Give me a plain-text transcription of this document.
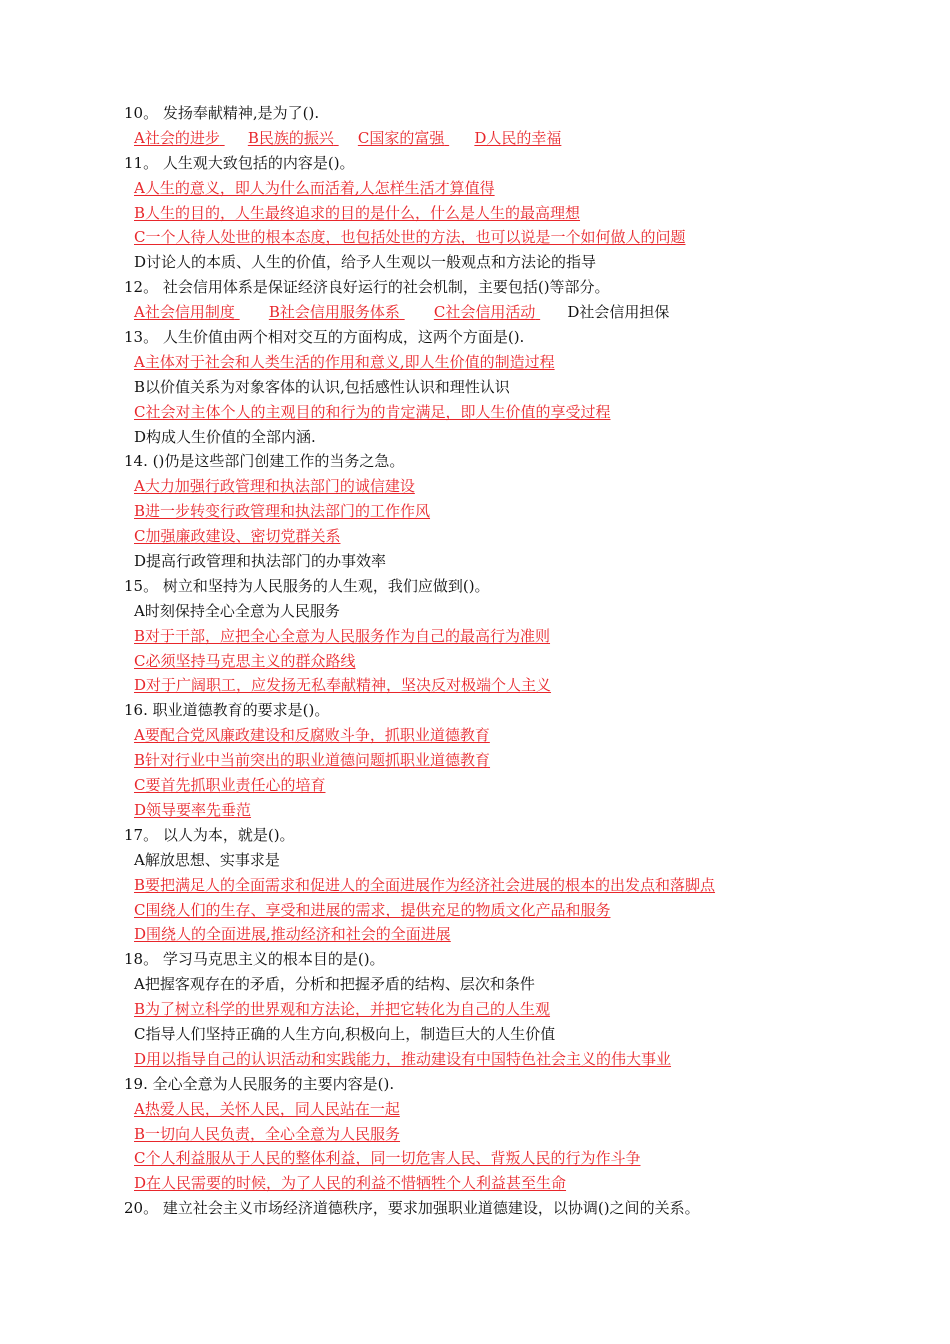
10。 发扬奉献精神,是为了().
A社会的进步 B民族的振兴 C国家的富强 D人民的幸福
11。 人生观大致包括的内容是()。
A人生的意义，即人为什么而活着,人怎样生活才算值得
B人生的目的，人生最终追求的目的是什么，什么是人生的最高理想
C一个人待人处世的根本态度，也包括处世的方法，也可以说是一个如何做人的问题
D讨论人的本质、人生的价值，给予人生观以一般观点和方法论的指导
12。 社会信用体系是保证经济良好运行的社会机制，主要包括()等部分。
A社会信用制度 B社会信用服务体系 C社会信用活动 D社会信用担保
13。 人生价值由两个相对交互的方面构成，这两个方面是().
A主体对于社会和人类生活的作用和意义,即人生价值的制造过程
B以价值关系为对象客体的认识,包括感性认识和理性认识
C社会对主体个人的主观目的和行为的肯定满足，即人生价值的享受过程
D构成人生价值的全部内涵.
14. ()仍是这些部门创建工作的当务之急。
A大力加强行政管理和执法部门的诚信建设
B进一步转变行政管理和执法部门的工作作风
C加强廉政建设、密切党群关系
D提高行政管理和执法部门的办事效率
15。 树立和坚持为人民服务的人生观，我们应做到()。
A时刻保持全心全意为人民服务
B对于干部，应把全心全意为人民服务作为自己的最高行为准则
C必须坚持马克思主义的群众路线
D对于广阔职工，应发扬无私奉献精神，坚决反对极端个人主义
16. 职业道德教育的要求是()。
A要配合党风廉政建设和反腐败斗争，抓职业道德教育
B针对行业中当前突出的职业道德问题抓职业道德教育
C要首先抓职业责任心的培育
D领导要率先垂范
17。 以人为本，就是()。
A解放思想、实事求是
B要把满足人的全面需求和促进人的全面进展作为经济社会进展的根本的出发点和落脚点
C围绕人们的生存、享受和进展的需求，提供充足的物质文化产品和服务
D围绕人的全面进展,推动经济和社会的全面进展
18。 学习马克思主义的根本目的是()。
A把握客观存在的矛盾，分析和把握矛盾的结构、层次和条件
B为了树立科学的世界观和方法论，并把它转化为自己的人生观
C指导人们坚持正确的人生方向,积极向上，制造巨大的人生价值
D用以指导自己的认识活动和实践能力，推动建设有中国特色社会主义的伟大事业
19. 全心全意为人民服务的主要内容是().
A热爱人民，关怀人民，同人民站在一起
B一切向人民负责，全心全意为人民服务
C个人利益服从于人民的整体利益，同一切危害人民、背叛人民的行为作斗争
D在人民需要的时候，为了人民的利益不惜牺牲个人利益甚至生命
20。 建立社会主义市场经济道德秩序，要求加强职业道德建设，以协调()之间的关系。
